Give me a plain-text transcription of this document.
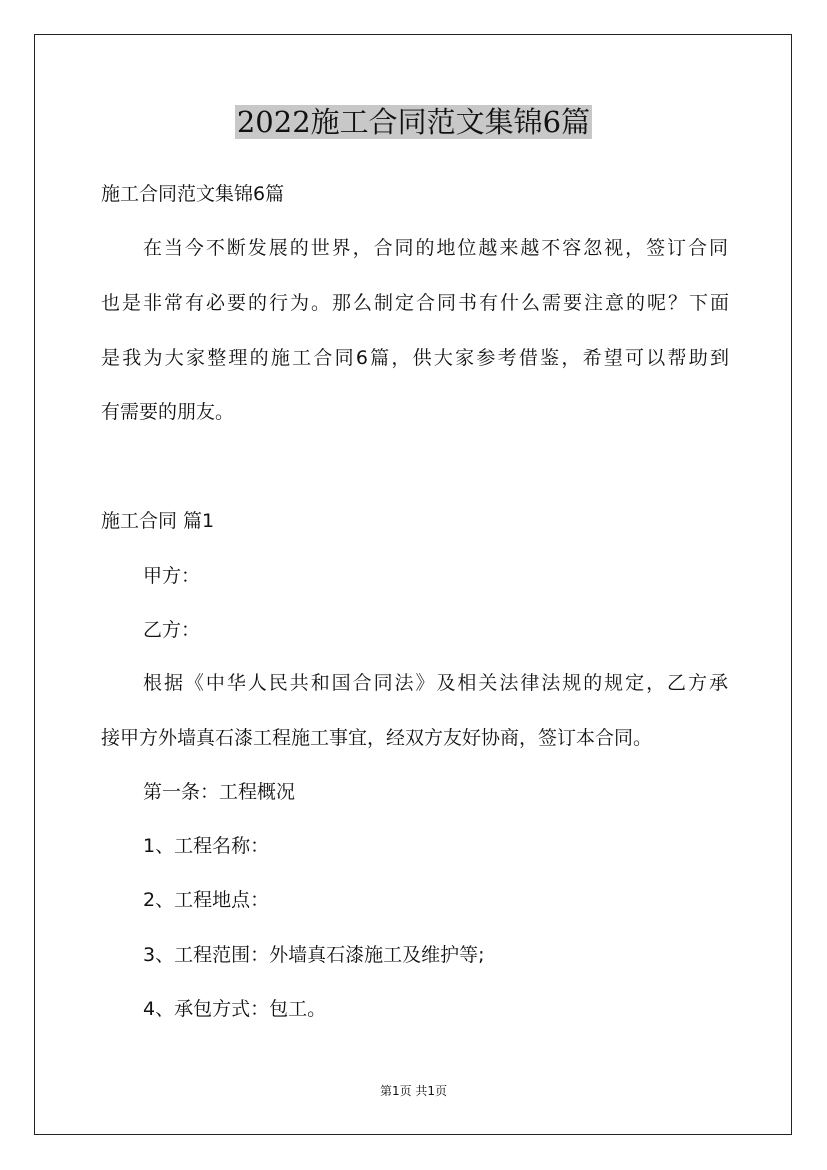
2022施工合同范文集锦6篇
施工合同范文集锦6篇
在当今不断发展的世界，合同的地位越来越不容忽视，签订合同
也是非常有必要的行为。那么制定合同书有什么需要注意的呢？下面
是我为大家整理的施工合同6篇，供大家参考借鉴，希望可以帮助到
有需要的朋友。
施工合同 篇1
甲方：
乙方：
根据《中华人民共和国合同法》及相关法律法规的规定，乙方承
接甲方外墙真石漆工程施工事宜，经双方友好协商，签订本合同。
第一条：工程概况
1、工程名称：
2、工程地点：
3、工程范围：外墙真石漆施工及维护等;
4、承包方式：包工。
第1页 共1页
